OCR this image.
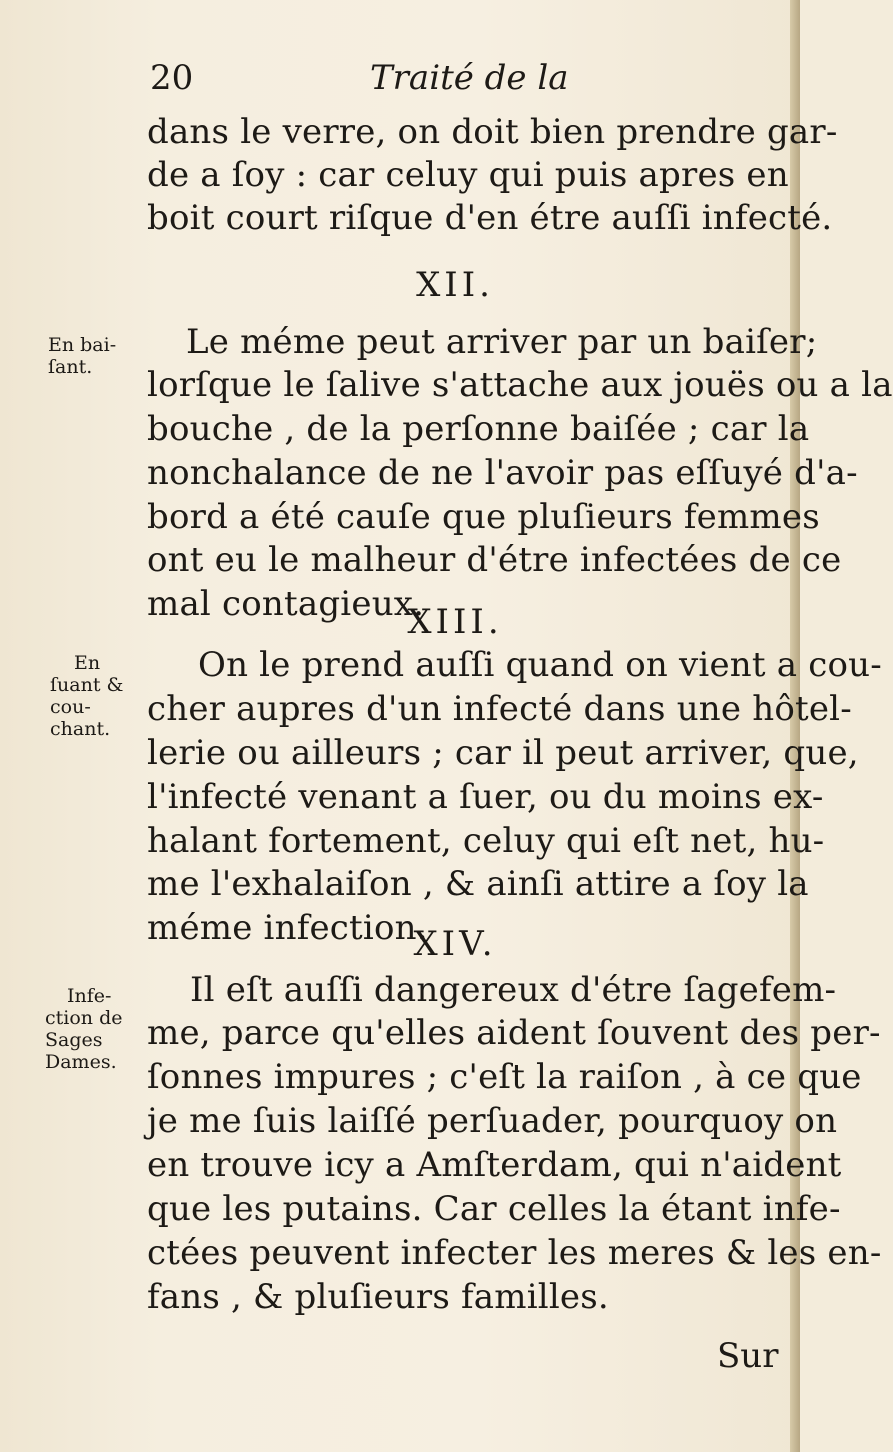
20	Traité de la
dans le verre, on doit bien prendre gar-
de a ſoy : car celuy qui puis apres en
boit court riſque d'en étre auſſi infecté.
XII.
En bai-
ſant.
Le méme peut arriver par un baiſer;
lorſque le ſalive s'attache aux jouës ou a la
bouche , de la perſonne baiſée ; car la
nonchalance de ne l'avoir pas eſſuyé d'a-
bord a été cauſe que pluſieurs femmes
ont eu le malheur d'étre infectées de ce
mal contagieux.
XIII.
En
ſuant &
cou-
chant.
On le prend auſſi quand on vient a cou-
cher aupres d'un infecté dans une hôtel-
lerie ou ailleurs ; car il peut arriver, que,
l'infecté venant a ſuer, ou du moins ex-
halant fortement, celuy qui eſt net, hu-
me l'exhalaiſon , & ainſi attire a ſoy la
méme infection.
XIV.
Infe-
ction de
Sages
Dames.
Il eſt auſſi dangereux d'étre ſagefem-
me, parce qu'elles aident ſouvent des per-
ſonnes impures ; c'eſt la raiſon , à ce que
je me ſuis laiſſé perſuader, pourquoy on
en trouve icy a Amſterdam, qui n'aident
que les putains. Car celles la étant infe-
ctées peuvent infecter les meres & les en-
fans , & pluſieurs familles.
Sur
